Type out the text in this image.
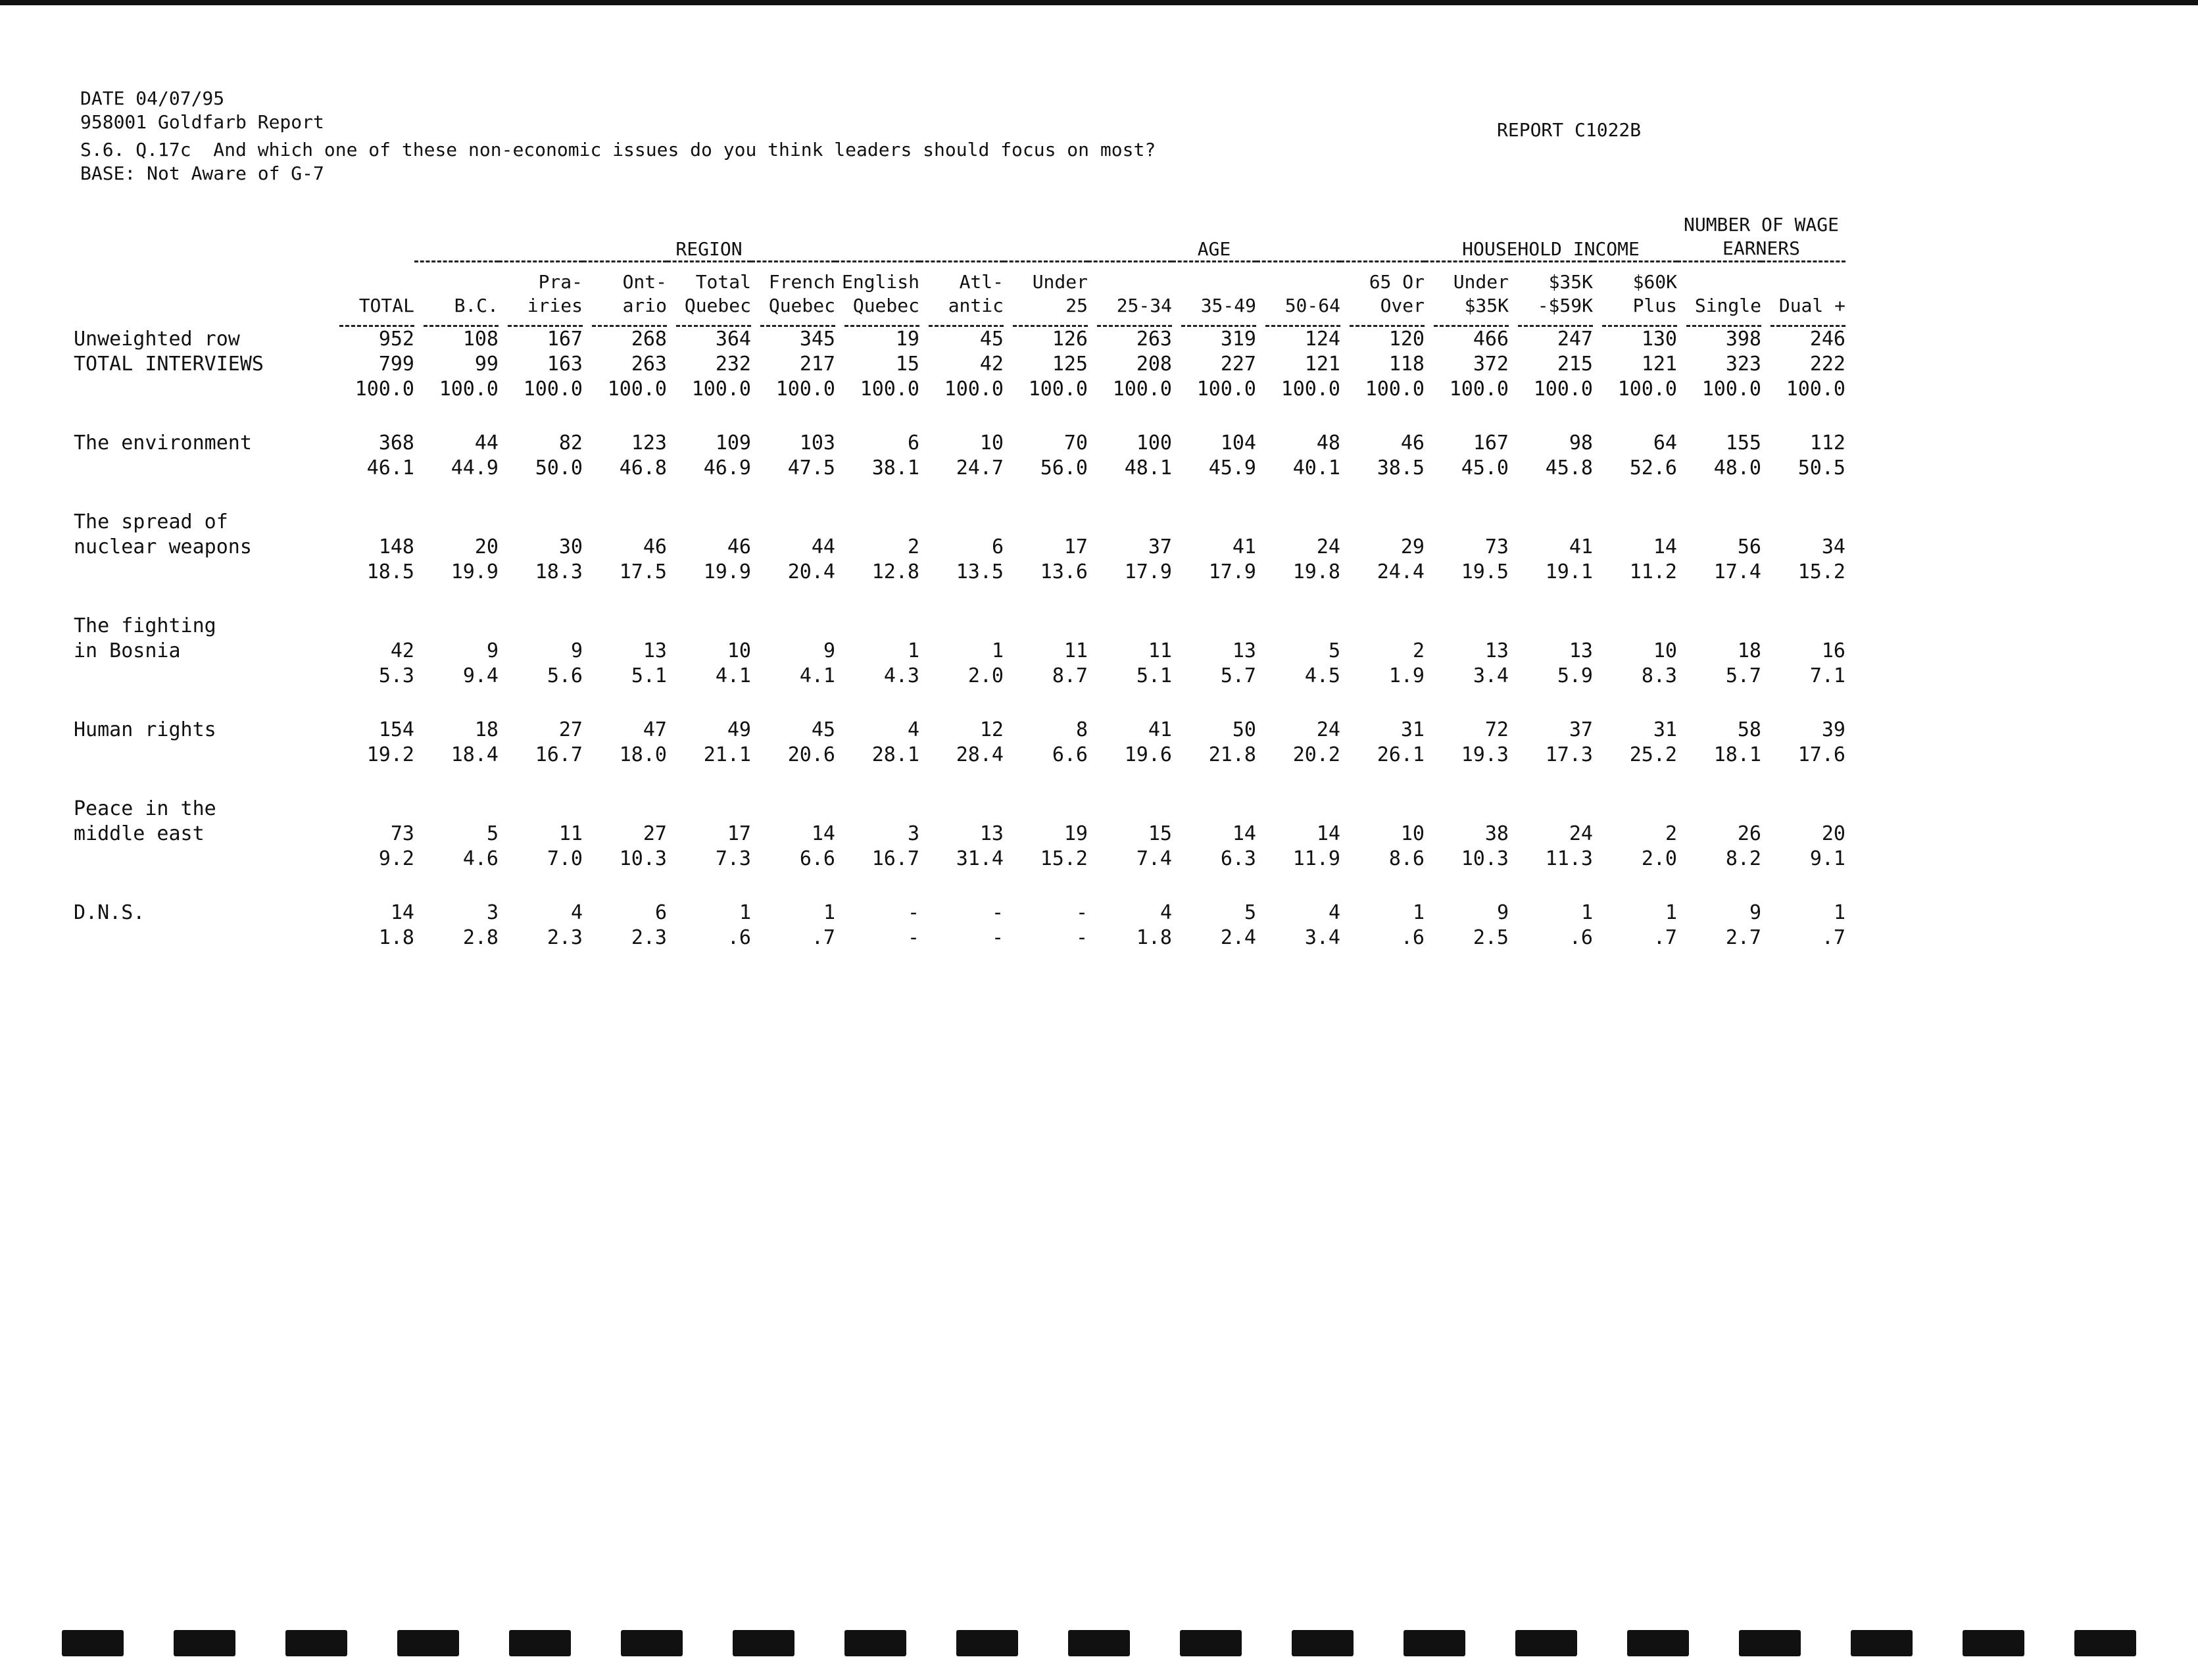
DATE 04/07/95
958001 Goldfarb Report
S.6. Q.17c  And which one of these non-economic issues do you think leaders should focus on most?
BASE: Not Aware of G-7
REPORT C1022B
		REGION							AGE					HOUSEHOLD INCOME			NUMBER OF WAGE EARNERS	

			Pra-	Ont-	Total	French	English	Atl-	Under				65 Or	Under	$35K	$60K		
	TOTAL	B.C.	iries	ario	Quebec	Quebec	Quebec	antic	25	25-34	35-49	50-64	Over	$35K	-$59K	Plus	Single	Dual +

Unweighted row	952	108	167	268	364	345	19	45	126	263	319	124	120	466	247	130	398	246
TOTAL INTERVIEWS	799	99	163	263	232	217	15	42	125	208	227	121	118	372	215	121	323	222
	100.0	100.0	100.0	100.0	100.0	100.0	100.0	100.0	100.0	100.0	100.0	100.0	100.0	100.0	100.0	100.0	100.0	100.0

The environment	368	44	82	123	109	103	6	10	70	100	104	48	46	167	98	64	155	112
	46.1	44.9	50.0	46.8	46.9	47.5	38.1	24.7	56.0	48.1	45.9	40.1	38.5	45.0	45.8	52.6	48.0	50.5

The spread of																		
nuclear weapons	148	20	30	46	46	44	2	6	17	37	41	24	29	73	41	14	56	34
	18.5	19.9	18.3	17.5	19.9	20.4	12.8	13.5	13.6	17.9	17.9	19.8	24.4	19.5	19.1	11.2	17.4	15.2

The fighting																		
in Bosnia	42	9	9	13	10	9	1	1	11	11	13	5	2	13	13	10	18	16
	5.3	9.4	5.6	5.1	4.1	4.1	4.3	2.0	8.7	5.1	5.7	4.5	1.9	3.4	5.9	8.3	5.7	7.1

Human rights	154	18	27	47	49	45	4	12	8	41	50	24	31	72	37	31	58	39
	19.2	18.4	16.7	18.0	21.1	20.6	28.1	28.4	6.6	19.6	21.8	20.2	26.1	19.3	17.3	25.2	18.1	17.6

Peace in the																		
middle east	73	5	11	27	17	14	3	13	19	15	14	14	10	38	24	2	26	20
	9.2	4.6	7.0	10.3	7.3	6.6	16.7	31.4	15.2	7.4	6.3	11.9	8.6	10.3	11.3	2.0	8.2	9.1

D.N.S.	14	3	4	6	1	1	-	-	-	4	5	4	1	9	1	1	9	1
	1.8	2.8	2.3	2.3	.6	.7	-	-	-	1.8	2.4	3.4	.6	2.5	.6	.7	2.7	.7
